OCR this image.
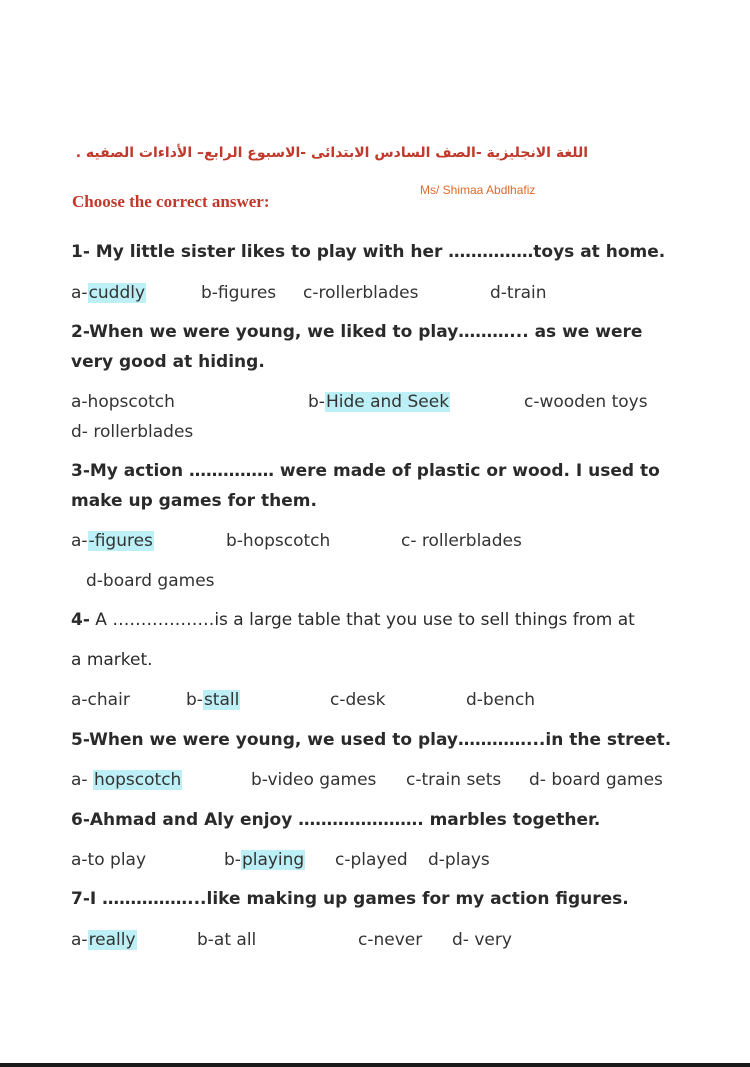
اللغة الانجليزية -الصف السادس الابتدائى -الاسبوع الرابع– الأداءات الصفيه .
Ms/ Shimaa Abdlhafiz
Choose the correct answer:
1- My little sister likes to play with her ……………toys at home.
a-cuddly	b-figures c-rollerblades	d-train
2-When we were young, we liked to play………... as we were
very good at hiding.
a-hopscotch	b-Hide and Seek	c-wooden toys
d- rollerblades
3-My action …………… were made of plastic or wood. I used to
make up games for them.
a--figures	b-hopscotch	c- rollerblades
d-board games
4- A ………………is a large table that you use to sell things from at
a market.
a-chair	b-stall	c-desk	d-bench
5-When we were young, we used to play…………...in the street.
a- hopscotch	b-video games c-train sets d- board games
6-Ahmad and Aly enjoy …………………. marbles together.
a-to play	b-playing c-played d-plays
7-I ……………...like making up games for my action figures.
a-really	b-at all	c-never d- very
